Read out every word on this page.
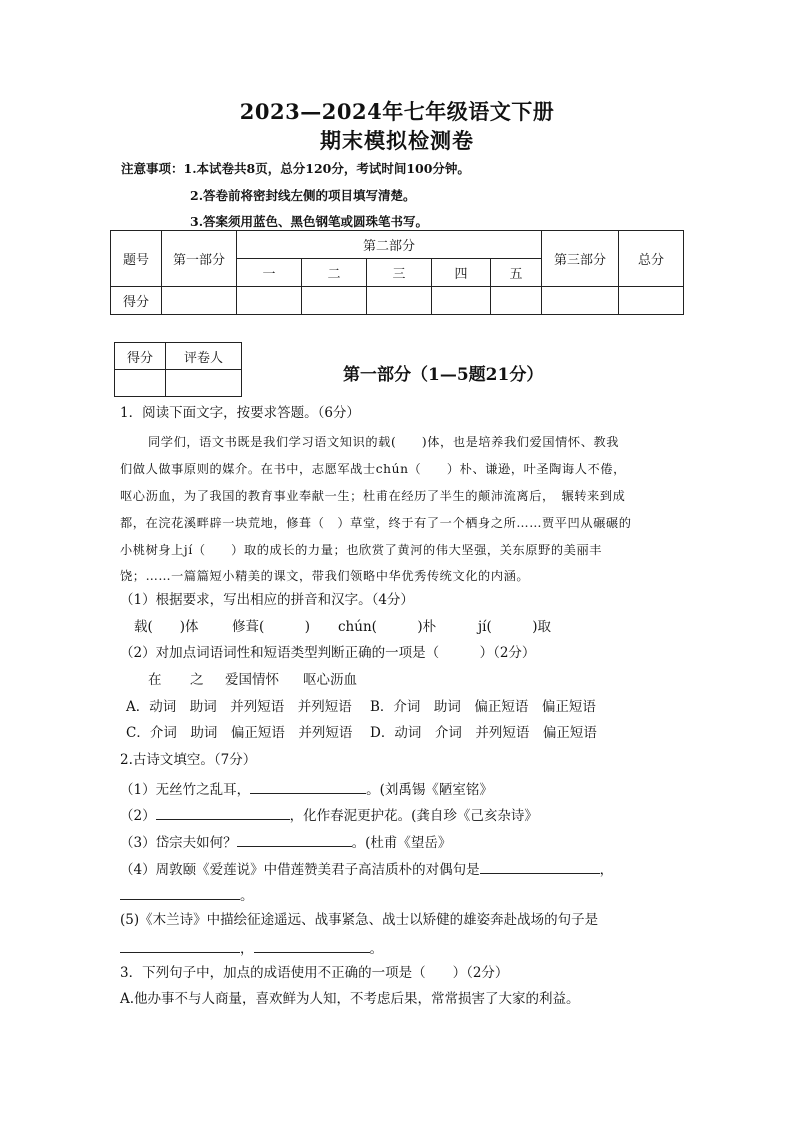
2023—2024年七年级语文下册
期末模拟检测卷
注意事项：1.本试卷共8页，总分120分，考试时间100分钟。
2.答卷前将密封线左侧的项目填写清楚。
3.答案须用蓝色、黑色钢笔或圆珠笔书写。
题号	第一部分	第二部分					第三部分	总分
		一	二	三	四	五		
得分								
得分	评卷人

第一部分（1—5题21分）
1．阅读下面文字，按要求答题。（6分）
同学们，语文书既是我们学习语文知识的载(　　)体，也是培养我们爱国情怀、教我
们做人做事原则的媒介。在书中，志愿军战士chún（　　）朴、谦逊，叶圣陶诲人不倦，
呕心沥血，为了我国的教育事业奉献一生；杜甫在经历了半生的颠沛流离后，　辗转来到成
都，在浣花溪畔辟一块荒地，修葺（　）草堂，终于有了一个栖身之所……贾平凹从碾碾的
小桃树身上jí（　　）取的成长的力量；也欣赏了黄河的伟大坚强，关东原野的美丽丰
饶；……一篇篇短小精美的课文，带我们领略中华优秀传统文化的内涵。
（1）根据要求，写出相应的拼音和汉字。（4分）
载(　　)体 修葺(　　　) chún(　　　)朴	jí(　　　)取
（2）对加点词语词性和短语类型判断正确的一项是（　　　）（2分）
在 之 爱国情怀 呕心沥血
A．动词　助词　并列短语　并列短语 B．介词　助词　偏正短语　偏正短语
C．介词　助词　偏正短语　并列短语 D．动词　介词　并列短语　偏正短语
2.古诗文填空。（7分）
（1）无丝竹之乱耳，	。(刘禹锡《陋室铭》
（2）	，化作春泥更护花。(龚自珍《己亥杂诗》
（3）岱宗夫如何？	。(杜甫《望岳》
（4）周敦颐《爱莲说》中借莲赞美君子高洁质朴的对偶句是	，
。
(5)《木兰诗》中描绘征途遥远、战事紧急、战士以矫健的雄姿奔赴战场的句子是
，	。
3．下列句子中，加点的成语使用不正确的一项是（　　）（2分）
A.他办事不与人商量，喜欢鲜为人知，不考虑后果，常常损害了大家的利益。
